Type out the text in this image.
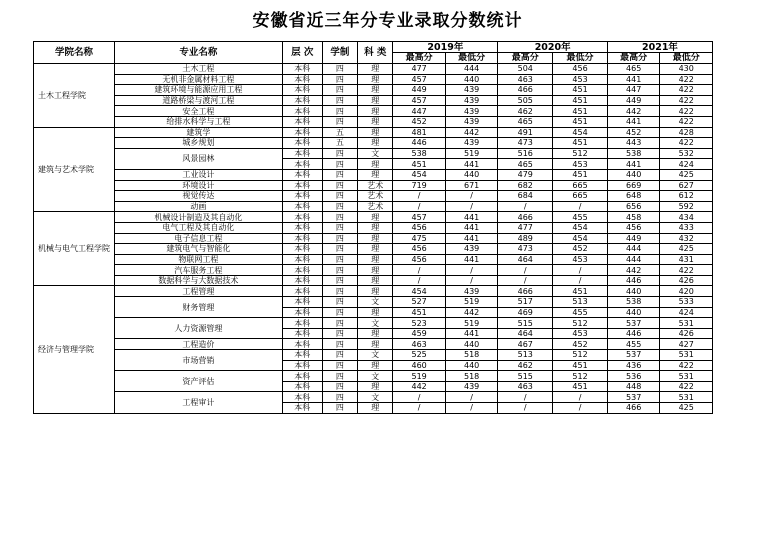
安徽省近三年分专业录取分数统计
学院名称	专业名称	层 次	学制	科 类	2019年		2020年		2021年	
					最高分	最低分	最高分	最低分	最高分	最低分
土木工程学院	土木工程	本科	四	理	477	444	504	456	465	430
	无机非金属材料工程	本科	四	理	457	440	463	453	441	422
	建筑环境与能源应用工程	本科	四	理	449	439	466	451	447	422
	道路桥梁与渡河工程	本科	四	理	457	439	505	451	449	422
	安全工程	本科	四	理	447	439	462	451	442	422
	给排水科学与工程	本科	四	理	452	439	465	451	441	422
建筑与艺术学院	建筑学	本科	五	理	481	442	491	454	452	428
	城乡规划	本科	五	理	446	439	473	451	443	422
	风景园林	本科	四	文	538	519	516	512	538	532
		本科	四	理	451	441	465	453	441	424
	工业设计	本科	四	理	454	440	479	451	440	425
	环境设计	本科	四	艺术	719	671	682	665	669	627
	视觉传达	本科	四	艺术	/	/	684	665	648	612
	动画	本科	四	艺术	/	/	/	/	656	592
机械与电气工程学院	机械设计制造及其自动化	本科	四	理	457	441	466	455	458	434
	电气工程及其自动化	本科	四	理	456	441	477	454	456	433
	电子信息工程	本科	四	理	475	441	489	454	449	432
	建筑电气与智能化	本科	四	理	456	439	473	452	444	425
	物联网工程	本科	四	理	456	441	464	453	444	431
	汽车服务工程	本科	四	理	/	/	/	/	442	422
	数据科学与大数据技术	本科	四	理	/	/	/	/	446	426
经济与管理学院	工程管理	本科	四	理	454	439	466	451	440	420
	财务管理	本科	四	文	527	519	517	513	538	533
		本科	四	理	451	442	469	455	440	424
	人力资源管理	本科	四	文	523	519	515	512	537	531
		本科	四	理	459	441	464	453	446	426
	工程造价	本科	四	理	463	440	467	452	455	427
	市场营销	本科	四	文	525	518	513	512	537	531
		本科	四	理	460	440	462	451	436	422
	资产评估	本科	四	文	519	518	515	512	536	531
		本科	四	理	442	439	463	451	448	422
	工程审计	本科	四	文	/	/	/	/	537	531
		本科	四	理	/	/	/	/	466	425
